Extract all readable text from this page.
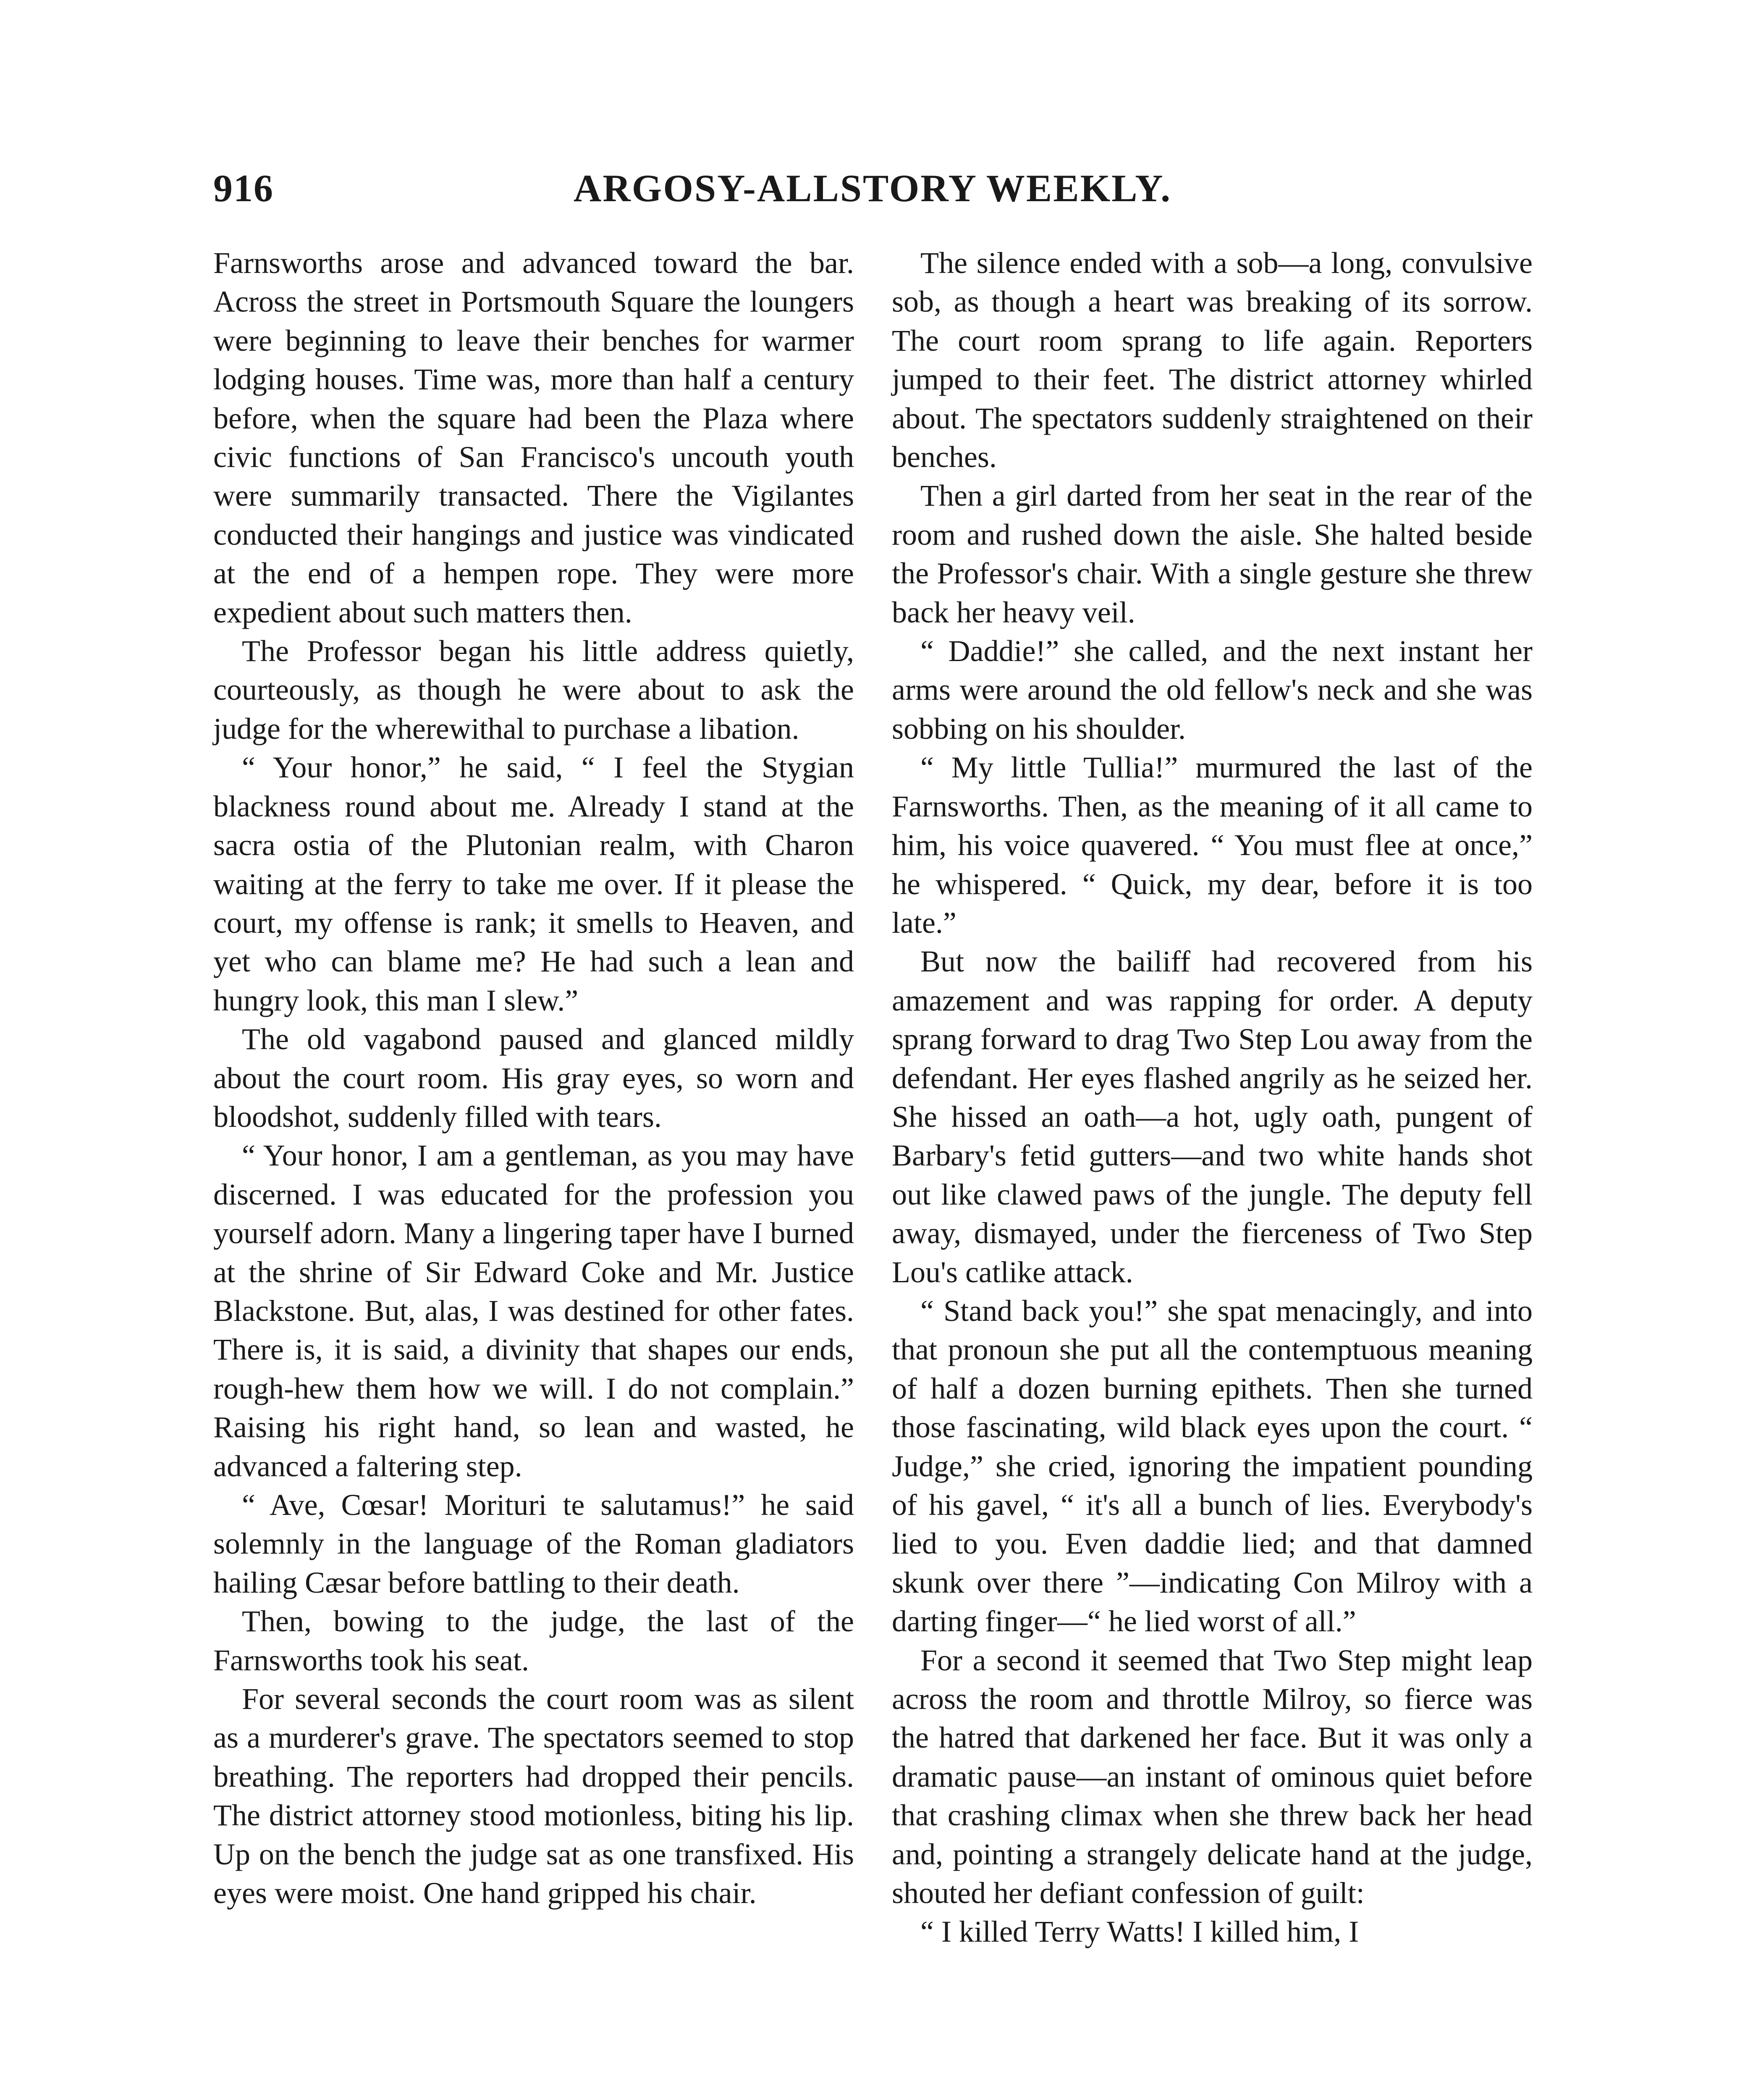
916	ARGOSY-ALLSTORY WEEKLY.

Farnsworths arose and advanced toward the bar. Across the street in Portsmouth Square the loungers were beginning to leave their benches for warmer lodging houses. Time was, more than half a century before, when the square had been the Plaza where civic functions of San Francisco's uncouth youth were summarily transacted. There the Vigilantes conducted their hangings and justice was vindicated at the end of a hempen rope. They were more expedient about such matters then.

The Professor began his little address quietly, courteously, as though he were about to ask the judge for the wherewithal to purchase a libation.

“ Your honor,” he said, “ I feel the Stygian blackness round about me. Already I stand at the sacra ostia of the Plutonian realm, with Charon waiting at the ferry to take me over. If it please the court, my offense is rank; it smells to Heaven, and yet who can blame me? He had such a lean and hungry look, this man I slew.”

The old vagabond paused and glanced mildly about the court room. His gray eyes, so worn and bloodshot, suddenly filled with tears.

“ Your honor, I am a gentleman, as you may have discerned. I was educated for the profession you yourself adorn. Many a lingering taper have I burned at the shrine of Sir Edward Coke and Mr. Justice Blackstone. But, alas, I was destined for other fates. There is, it is said, a divinity that shapes our ends, rough-hew them how we will. I do not complain.” Raising his right hand, so lean and wasted, he advanced a faltering step.

“ Ave, Cœsar! Morituri te salutamus!” he said solemnly in the language of the Roman gladiators hailing Cæsar before battling to their death.

Then, bowing to the judge, the last of the Farnsworths took his seat.

For several seconds the court room was as silent as a murderer's grave. The spectators seemed to stop breathing. The reporters had dropped their pencils. The district attorney stood motionless, biting his lip. Up on the bench the judge sat as one transfixed. His eyes were moist. One hand gripped his chair.

The silence ended with a sob—a long, convulsive sob, as though a heart was breaking of its sorrow. The court room sprang to life again. Reporters jumped to their feet. The district attorney whirled about. The spectators suddenly straightened on their benches.

Then a girl darted from her seat in the rear of the room and rushed down the aisle. She halted beside the Professor's chair. With a single gesture she threw back her heavy veil.

“ Daddie!” she called, and the next instant her arms were around the old fellow's neck and she was sobbing on his shoulder.

“ My little Tullia!” murmured the last of the Farnsworths. Then, as the meaning of it all came to him, his voice quavered. “ You must flee at once,” he whispered. “ Quick, my dear, before it is too late.”

But now the bailiff had recovered from his amazement and was rapping for order. A deputy sprang forward to drag Two Step Lou away from the defendant. Her eyes flashed angrily as he seized her. She hissed an oath—a hot, ugly oath, pungent of Barbary's fetid gutters—and two white hands shot out like clawed paws of the jungle. The deputy fell away, dismayed, under the fierceness of Two Step Lou's catlike attack.

“ Stand back you!” she spat menacingly, and into that pronoun she put all the contemptuous meaning of half a dozen burning epithets. Then she turned those fascinating, wild black eyes upon the court. “ Judge,” she cried, ignoring the impatient pounding of his gavel, “ it's all a bunch of lies. Everybody's lied to you. Even daddie lied; and that damned skunk over there ”—indicating Con Milroy with a darting finger—“ he lied worst of all.”

For a second it seemed that Two Step might leap across the room and throttle Milroy, so fierce was the hatred that darkened her face. But it was only a dramatic pause—an instant of ominous quiet before that crashing climax when she threw back her head and, pointing a strangely delicate hand at the judge, shouted her defiant confession of guilt:

“ I killed Terry Watts! I killed him, I
